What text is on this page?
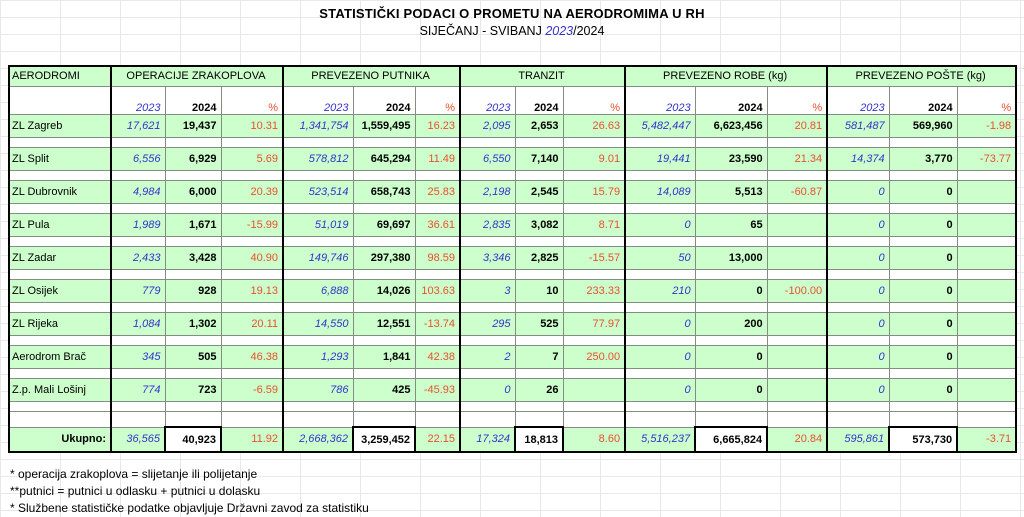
STATISTIČKI PODACI O PROMETU NA AERODROMIMA U RH
SIJEČANJ - SVIBANJ 2023/2024
AERODROMI	OPERACIJE ZRAKOPLOVA			PREVEZENO PUTNIKA			TRANZIT			PREVEZENO ROBE (kg)			PREVEZENO POŠTE (kg)		
	2023	2024	%	2023	2024	%	2023	2024	%	2023	2024	%	2023	2024	%
ZL Zagreb	17,621	19,437	10.31	1,341,754	1,559,495	16.23	2,095	2,653	26.63	5,482,447	6,623,456	20.81	581,487	569,960	-1.98

ZL Split	6,556	6,929	5.69	578,812	645,294	11.49	6,550	7,140	9.01	19,441	23,590	21.34	14,374	3,770	-73.77

ZL Dubrovnik	4,984	6,000	20.39	523,514	658,743	25.83	2,198	2,545	15.79	14,089	5,513	-60.87	0	0	

ZL Pula	1,989	1,671	-15.99	51,019	69,697	36.61	2,835	3,082	8.71	0	65		0	0	

ZL Zadar	2,433	3,428	40.90	149,746	297,380	98.59	3,346	2,825	-15.57	50	13,000		0	0	

ZL Osijek	779	928	19.13	6,888	14,026	103.63	3	10	233.33	210	0	-100.00	0	0	

ZL Rijeka	1,084	1,302	20.11	14,550	12,551	-13.74	295	525	77.97	0	200		0	0	

Aerodrom Brač	345	505	46.38	1,293	1,841	42.38	2	7	250.00	0	0		0	0	

Z.p. Mali Lošinj	774	723	-6.59	786	425	-45.93	0	26		0	0		0	0	

Ukupno:	36,565	40,923	11.92	2,668,362	3,259,452	22.15	17,324	18,813	8.60	5,516,237	6,665,824	20.84	595,861	573,730	-3.71
* operacija zrakoplova = slijetanje ili polijetanje
**putnici = putnici u odlasku + putnici u dolasku
* Službene statističke podatke objavljuje Državni zavod za statistiku
